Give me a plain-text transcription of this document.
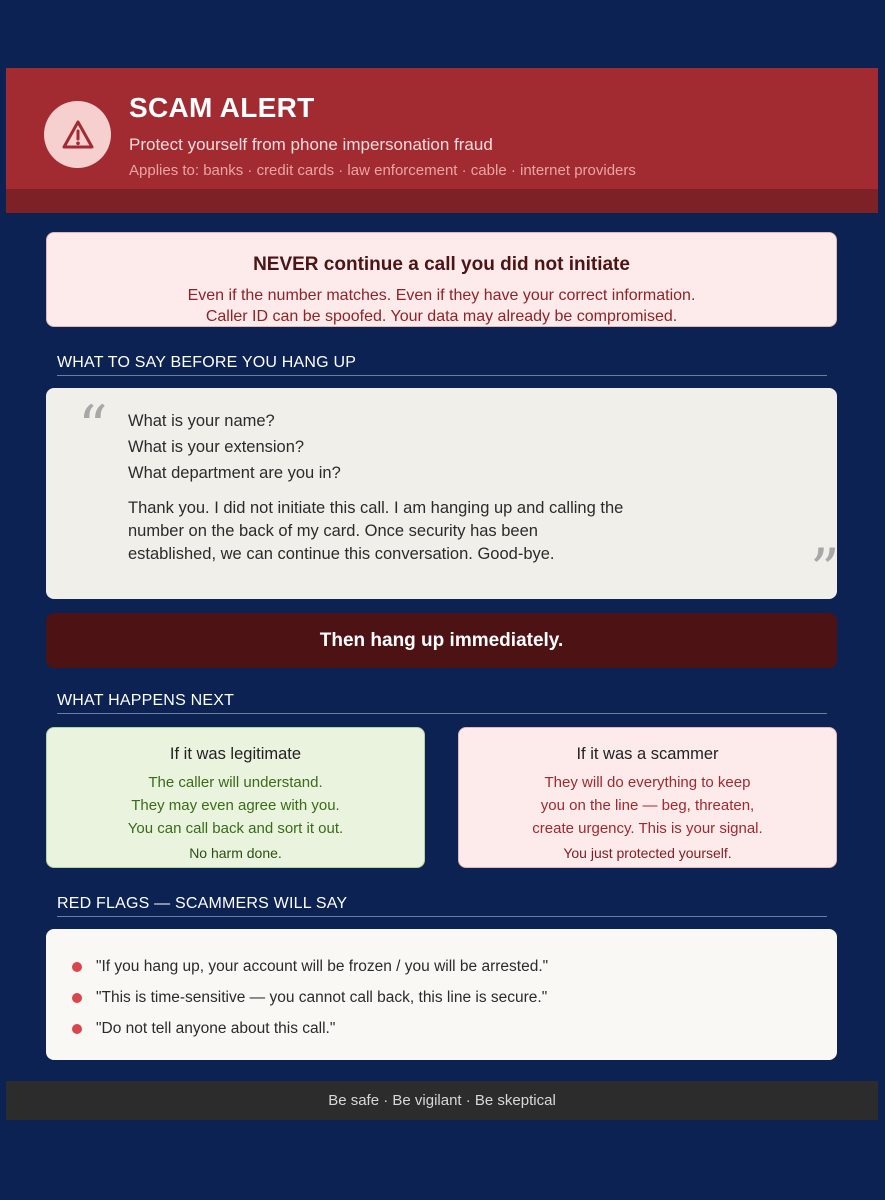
SCAM ALERT
Protect yourself from phone impersonation fraud
Applies to: banks · credit cards · law enforcement · cable · internet providers
NEVER continue a call you did not initiate
Even if the number matches. Even if they have your correct information.
Caller ID can be spoofed. Your data may already be compromised.
WHAT TO SAY BEFORE YOU HANG UP
“
”
What is your name?
What is your extension?
What department are you in?
Thank you. I did not initiate this call. I am hanging up and calling the number on the back of my card. Once security has been established, we can continue this conversation. Good-bye.
Then hang up immediately.
WHAT HAPPENS NEXT
If it was legitimate
The caller will understand.
They may even agree with you.
You can call back and sort it out.
No harm done.
If it was a scammer
They will do everything to keep
you on the line — beg, threaten,
create urgency. This is your signal.
You just protected yourself.
RED FLAGS — SCAMMERS WILL SAY
"If you hang up, your account will be frozen / you will be arrested."
"This is time-sensitive — you cannot call back, this line is secure."
"Do not tell anyone about this call."
Be safe · Be vigilant · Be skeptical
